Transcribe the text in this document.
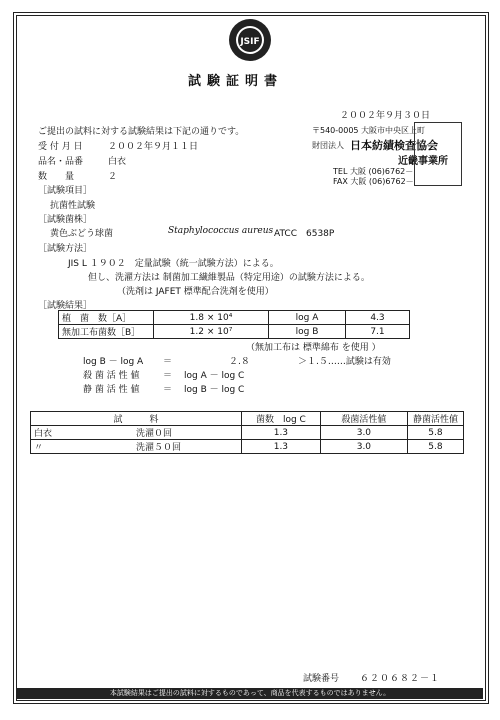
JSIF
試験証明書
２００２年９月３０日
ご提出の試料に対する試験結果は下記の通りです。
受 付 月 日	２００２年９月１１日
品名・品番	白衣
数　　量	２
〒540-0005 大阪市中央区上町
財団法人 日本紡績検査協会
近畿事業所
TEL 大阪 (06)6762－
FAX 大阪 (06)6762－
［試験項目］
抗菌性試験
［試験菌株］
黄色ぶどう球菌	Staphylococcus aureus ATCC　6538P
［試験方法］
JIS L １９０２　定量試験（統一試験方法）による。
但し、洗濯方法は 制菌加工繊維製品（特定用途）の試験方法による。
（洗剤は JAFET 標準配合洗剤を使用）
［試験結果］
植　菌　数［A］	1.8 × 10⁴	log A	4.3
無加工布菌数［B］	1.2 × 10⁷	log B	7.1
（無加工布は 標準綿布 を使用 ）
log B － log A ＝	２.８	＞１.５……試験は有効
殺 菌 活 性 値	＝ log A － log C
静 菌 活 性 値	＝ log B － log C
試　　　料		菌数　log C	殺菌活性値	静菌活性値
白衣	洗濯０回	1.3	3.0	5.8
〃	洗濯５０回	1.3	3.0	5.8
試験番号 ６２０６８２－１
本試験結果はご提出の試料に対するものであって、商品を代表するものではありません。
